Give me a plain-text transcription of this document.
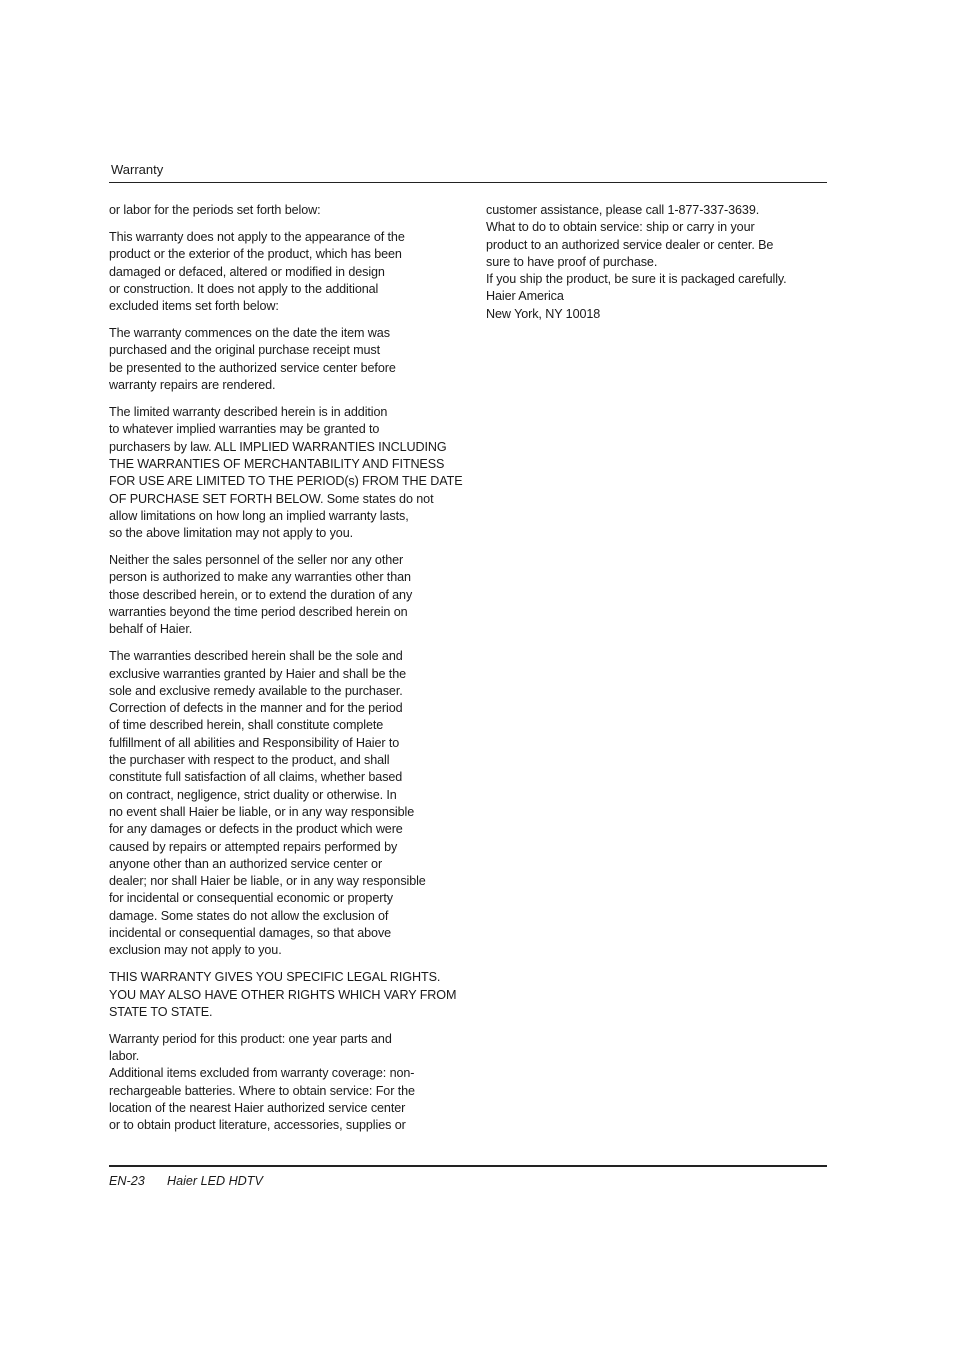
Warranty

or labor for the periods set forth below:

This warranty does not apply to the appearance of the
product or the exterior of the product, which has been
damaged or defaced, altered or modified in design
or construction. It does not apply to the additional
excluded items set forth below:

The warranty commences on the date the item was
purchased and the original purchase receipt must
be presented to the authorized service center before
warranty repairs are rendered.

The limited warranty described herein is in addition
to whatever implied warranties may be granted to
purchasers by law. ALL IMPLIED WARRANTIES INCLUDING
THE WARRANTIES OF MERCHANTABILITY AND FITNESS
FOR USE ARE LIMITED TO THE PERIOD(s) FROM THE DATE
OF PURCHASE SET FORTH BELOW. Some states do not
allow limitations on how long an implied warranty lasts,
so the above limitation may not apply to you.

Neither the sales personnel of the seller nor any other
person is authorized to make any warranties other than
those described herein, or to extend the duration of any
warranties beyond the time period described herein on
behalf of Haier.

The warranties described herein shall be the sole and
exclusive warranties granted by Haier and shall be the
sole and exclusive remedy available to the purchaser.
Correction of defects in the manner and for the period
of time described herein, shall constitute complete
fulfillment of all abilities and Responsibility of Haier to
the purchaser with respect to the product, and shall
constitute full satisfaction of all claims, whether based
on contract, negligence, strict duality or otherwise. In
no event shall Haier be liable, or in any way responsible
for any damages or defects in the product which were
caused by repairs or attempted repairs performed by
anyone other than an authorized service center or
dealer; nor shall Haier be liable, or in any way responsible
for incidental or consequential economic or property
damage. Some states do not allow the exclusion of
incidental or consequential damages, so that above
exclusion may not apply to you.

THIS WARRANTY GIVES YOU SPECIFIC LEGAL RIGHTS.
YOU MAY ALSO HAVE OTHER RIGHTS WHICH VARY FROM
STATE TO STATE.

Warranty period for this product: one year parts and
labor.
Additional items excluded from warranty coverage: non-
rechargeable batteries. Where to obtain service: For the
location of the nearest Haier authorized service center
or to obtain product literature, accessories, supplies or

customer assistance, please call 1-877-337-3639.
What to do to obtain service: ship or carry in your
product to an authorized service dealer or center. Be
sure to have proof of purchase.
If you ship the product, be sure it is packaged carefully.
Haier America
New York, NY 10018

EN-23 Haier LED HDTV
